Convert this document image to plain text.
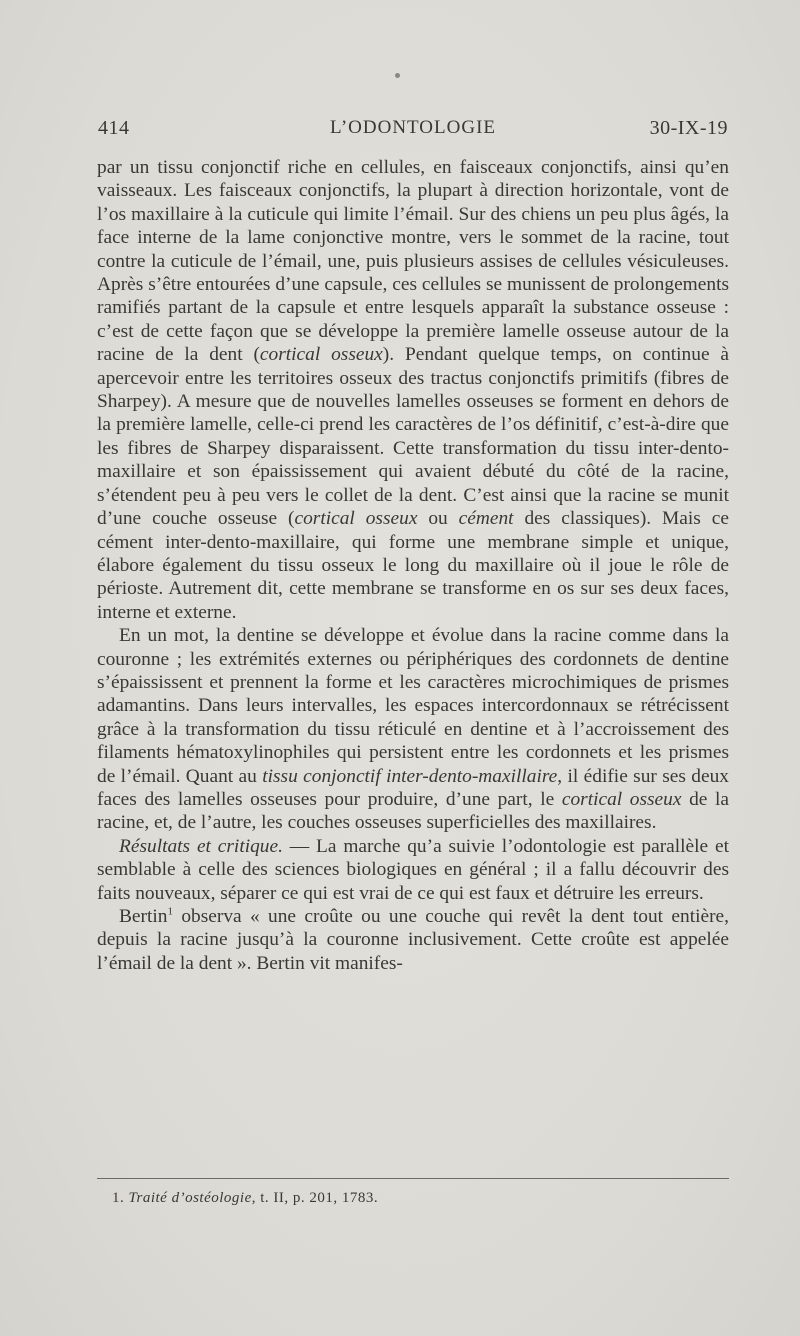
414	L’ODONTOLOGIE	30-IX-19

par un tissu conjonctif riche en cellules, en faisceaux conjonctifs, ainsi qu’en vaisseaux. Les faisceaux conjonctifs, la plupart à direction horizontale, vont de l’os maxillaire à la cuticule qui limite l’émail. Sur des chiens un peu plus âgés, la face interne de la lame conjonctive montre, vers le sommet de la racine, tout contre la cuticule de l’émail, une, puis plusieurs assises de cellules vésiculeuses. Après s’être entourées d’une capsule, ces cellules se munissent de prolongements ramifiés partant de la capsule et entre lesquels apparaît la substance osseuse : c’est de cette façon que se développe la première lamelle osseuse autour de la racine de la dent (cortical osseux). Pendant quelque temps, on continue à apercevoir entre les territoires osseux des tractus conjonctifs primitifs (fibres de Sharpey). A mesure que de nouvelles lamelles osseuses se forment en dehors de la première lamelle, celle-ci prend les caractères de l’os définitif, c’est-à-dire que les fibres de Sharpey disparaissent. Cette transformation du tissu inter-dento-maxillaire et son épaississement qui avaient débuté du côté de la racine, s’étendent peu à peu vers le collet de la dent. C’est ainsi que la racine se munit d’une couche osseuse (cortical osseux ou cément des classiques). Mais ce cément inter-dento-maxillaire, qui forme une membrane simple et unique, élabore également du tissu osseux le long du maxillaire où il joue le rôle de périoste. Autrement dit, cette membrane se transforme en os sur ses deux faces, interne et externe.

En un mot, la dentine se développe et évolue dans la racine comme dans la couronne ; les extrémités externes ou périphériques des cordonnets de dentine s’épaississent et prennent la forme et les caractères microchimiques de prismes adamantins. Dans leurs intervalles, les espaces intercordonnaux se rétrécissent grâce à la transformation du tissu réticulé en dentine et à l’accroissement des filaments hématoxylinophiles qui persistent entre les cordonnets et les prismes de l’émail. Quant au tissu conjonctif inter-dento-maxillaire, il édifie sur ses deux faces des lamelles osseuses pour produire, d’une part, le cortical osseux de la racine, et, de l’autre, les couches osseuses superficielles des maxillaires.

Résultats et critique. — La marche qu’a suivie l’odontologie est parallèle et semblable à celle des sciences biologiques en général ; il a fallu découvrir des faits nouveaux, séparer ce qui est vrai de ce qui est faux et détruire les erreurs.

Bertin$^1$ observa « une croûte ou une couche qui revêt la dent tout entière, depuis la racine jusqu’à la couronne inclusivement. Cette croûte est appelée l’émail de la dent ». Bertin vit manifes-

1. Traité d’ostéologie, t. II, p. 201, 1783.
